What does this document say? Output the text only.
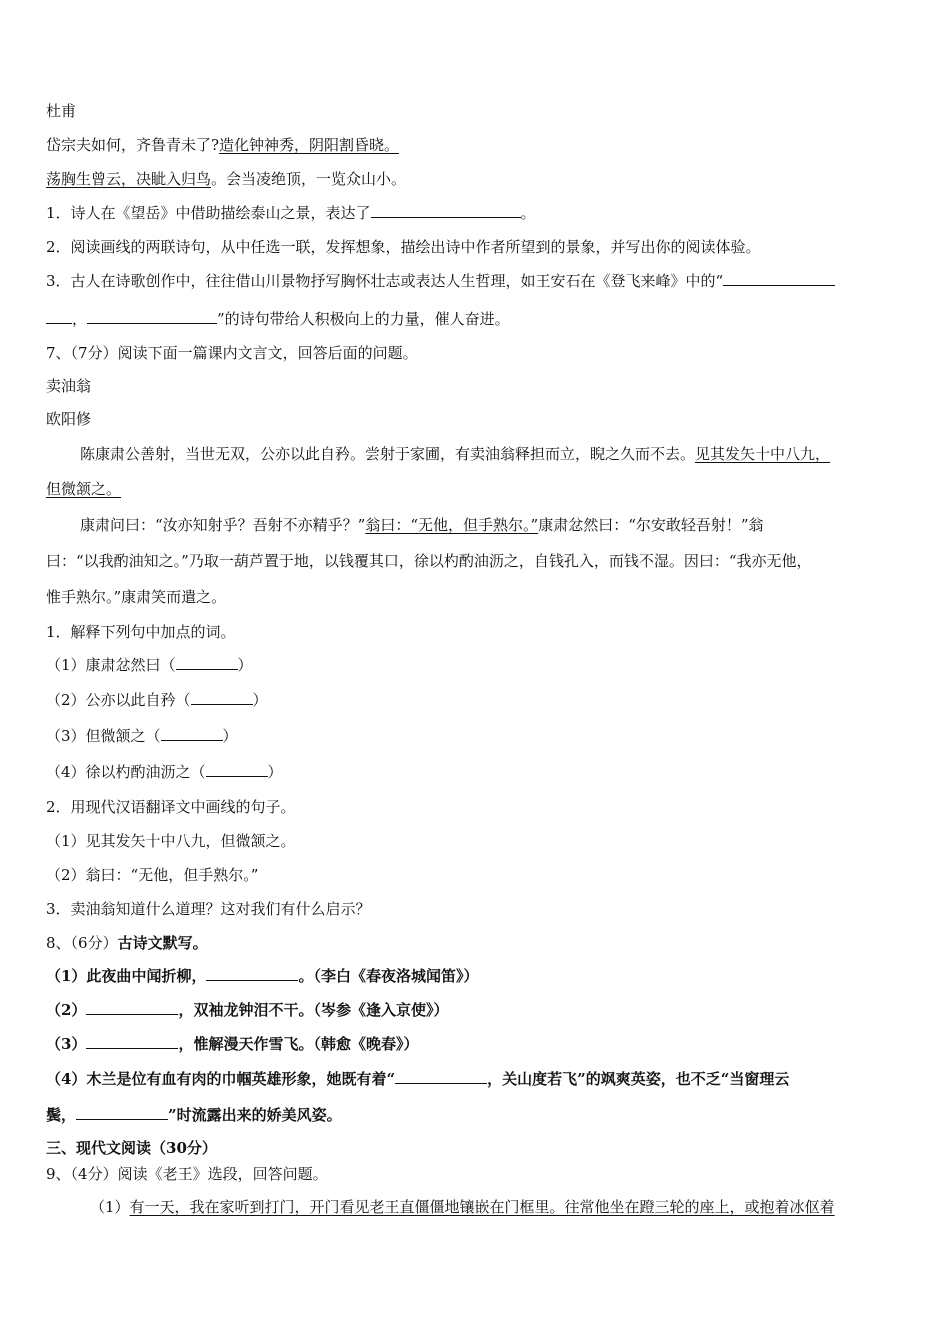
杜甫
岱宗夫如何，齐鲁青未了?造化钟神秀，阴阳割昏晓。
荡胸生曾云，决眦入归鸟。会当凌绝顶，一览众山小。
1．诗人在《望岳》中借助描绘泰山之景，表达了	。
2．阅读画线的两联诗句，从中任选一联，发挥想象，描绘出诗中作者所望到的景象，并写出你的阅读体验。
3．古人在诗歌创作中，往往借山川景物抒写胸怀壮志或表达人生哲理，如王安石在《登飞来峰》中的“
，	”的诗句带给人积极向上的力量，催人奋进。
7、（7分）阅读下面一篇课内文言文，回答后面的问题。
卖油翁
欧阳修
陈康肃公善射，当世无双，公亦以此自矜。尝射于家圃，有卖油翁释担而立，睨之久而不去。见其发矢十中八九，
但微颔之。
康肃问曰：“汝亦知射乎？吾射不亦精乎？”翁曰：“无他，但手熟尔。”康肃忿然曰：“尔安敢轻吾射！”翁
曰：“以我酌油知之。”乃取一葫芦置于地，以钱覆其口，徐以杓酌油沥之，自钱孔入，而钱不湿。因曰：“我亦无他，
惟手熟尔。”康肃笑而遣之。
1．解释下列句中加点的词。
（1）康肃忿然曰（	）
（2）公亦以此自矜（	）
（3）但微颔之（	）
（4）徐以杓酌油沥之（	）
2．用现代汉语翻译文中画线的句子。
（1）见其发矢十中八九，但微颔之。
（2）翁曰：“无他，但手熟尔。”
3．卖油翁知道什么道理？这对我们有什么启示？
8、（6分）古诗文默写。
（1）此夜曲中闻折柳，	。（李白《春夜洛城闻笛》）
（2）	，双袖龙钟泪不干。（岑参《逢入京使》）
（3）	，惟解漫天作雪飞。（韩愈《晚春》）
（4）木兰是位有血有肉的巾帼英雄形象，她既有着“	，关山度若飞”的飒爽英姿，也不乏“当窗理云
鬓，	”时流露出来的娇美风姿。
三、现代文阅读（30分）
9、（4分）阅读《老王》选段，回答问题。
（1）有一天，我在家听到打门，开门看见老王直僵僵地镶嵌在门框里。往常他坐在蹬三轮的座上，或抱着冰伛着
